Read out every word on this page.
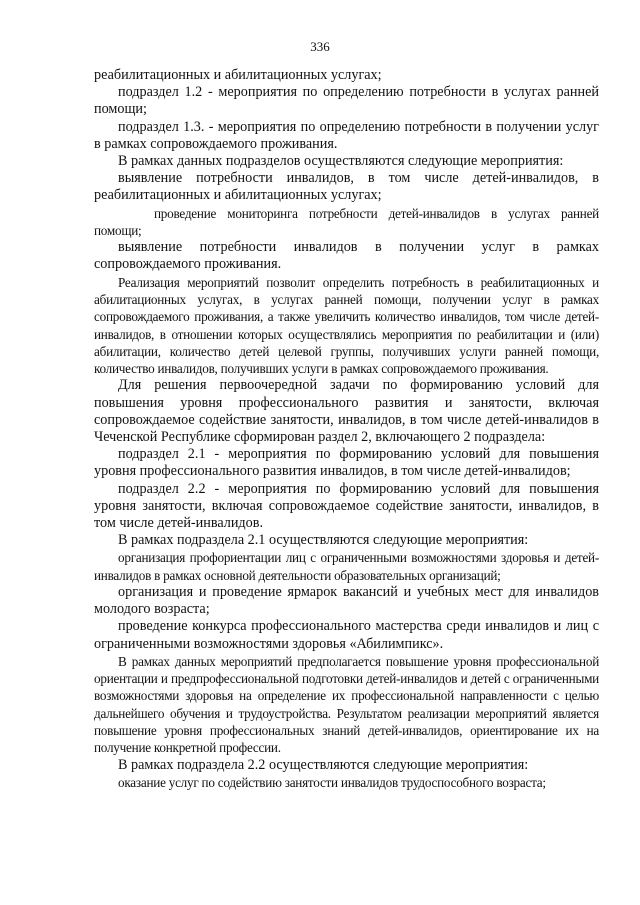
336

реабилитационных и абилитационных услугах;

подраздел 1.2 - мероприятия по определению потребности в услугах ранней помощи;

подраздел 1.3. - мероприятия по определению потребности в получении услуг в рамках сопровождаемого проживания.

В рамках данных подразделов осуществляются следующие мероприятия:

выявление потребности инвалидов, в том числе детей-инвалидов, в реабилитационных и абилитационных услугах;

проведение мониторинга потребности детей-инвалидов в услугах ранней помощи;

выявление потребности инвалидов в получении услуг в рамках сопровождаемого проживания.

Реализация мероприятий позволит определить потребность в реабилитационных и абилитационных услугах, в услугах ранней помощи, получении услуг в рамках сопровождаемого проживания, а также увеличить количество инвалидов, том числе детей-инвалидов, в отношении которых осуществлялись мероприятия по реабилитации и (или) абилитации, количество детей целевой группы, получивших услуги ранней помощи, количество инвалидов, получивших услуги в рамках сопровождаемого проживания.

Для решения первоочередной задачи по формированию условий для повышения уровня профессионального развития и занятости, включая сопровождаемое содействие занятости, инвалидов, в том числе детей-инвалидов в Чеченской Республике сформирован раздел 2, включающего 2 подраздела:

подраздел 2.1 - мероприятия по формированию условий для повышения уровня профессионального развития инвалидов, в том числе детей-инвалидов;

подраздел 2.2 - мероприятия по формированию условий для повышения уровня занятости, включая сопровождаемое содействие занятости, инвалидов, в том числе детей-инвалидов.

В рамках подраздела 2.1 осуществляются следующие мероприятия:

организация профориентации лиц с ограниченными возможностями здоровья и детей-инвалидов в рамках основной деятельности образовательных организаций;

организация и проведение ярмарок вакансий и учебных мест для инвалидов молодого возраста;

проведение конкурса профессионального мастерства среди инвалидов и лиц с ограниченными возможностями здоровья «Абилимпикс».

В рамках данных мероприятий предполагается повышение уровня профессиональной ориентации и предпрофессиональной подготовки детей-инвалидов и детей с ограниченными возможностями здоровья на определение их профессиональной направленности с целью дальнейшего обучения и трудоустройства. Результатом реализации мероприятий является повышение уровня профессиональных знаний детей-инвалидов, ориентирование их на получение конкретной профессии.

В рамках подраздела 2.2 осуществляются следующие мероприятия:

оказание услуг по содействию занятости инвалидов трудоспособного возраста;
